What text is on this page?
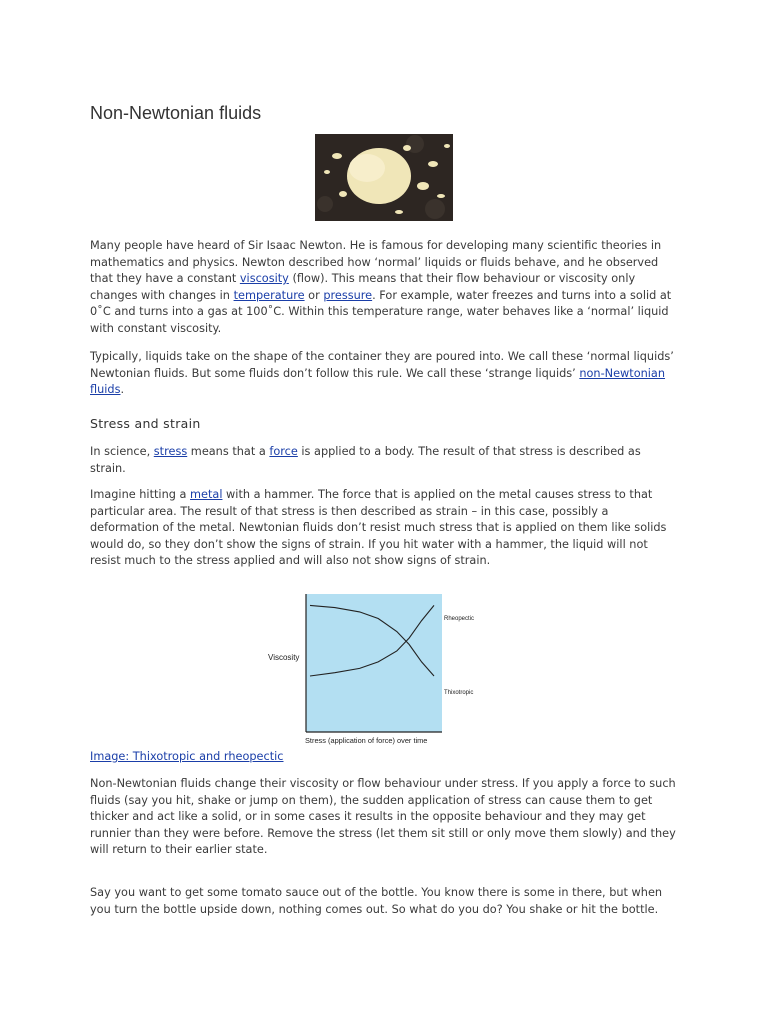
Non-Newtonian fluids

Many people have heard of Sir Isaac Newton. He is famous for developing many scientific theories in mathematics and physics. Newton described how ‘normal’ liquids or fluids behave, and he observed that they have a constant viscosity (flow). This means that their flow behaviour or viscosity only changes with changes in temperature or pressure. For example, water freezes and turns into a solid at 0˚C and turns into a gas at 100˚C. Within this temperature range, water behaves like a ‘normal’ liquid with constant viscosity.

Typically, liquids take on the shape of the container they are poured into. We call these ‘normal liquids’ Newtonian fluids. But some fluids don’t follow this rule. We call these ‘strange liquids’ non-Newtonian fluids.

Stress and strain

In science, stress means that a force is applied to a body. The result of that stress is described as strain.

Imagine hitting a metal with a hammer. The force that is applied on the metal causes stress to that particular area. The result of that stress is then described as strain – in this case, possibly a deformation of the metal. Newtonian fluids don’t resist much stress that is applied on them like solids would do, so they don’t show the signs of strain. If you hit water with a hammer, the liquid will not resist much to the stress applied and will also not show signs of strain.

Viscosity
Stress (application of force) over time
Rheopectic
Thixotropic
Image: Thixotropic and rheopectic

Non-Newtonian fluids change their viscosity or flow behaviour under stress. If you apply a force to such fluids (say you hit, shake or jump on them), the sudden application of stress can cause them to get thicker and act like a solid, or in some cases it results in the opposite behaviour and they may get runnier than they were before. Remove the stress (let them sit still or only move them slowly) and they will return to their earlier state.

Say you want to get some tomato sauce out of the bottle. You know there is some in there, but when you turn the bottle upside down, nothing comes out. So what do you do? You shake or hit the bottle.
